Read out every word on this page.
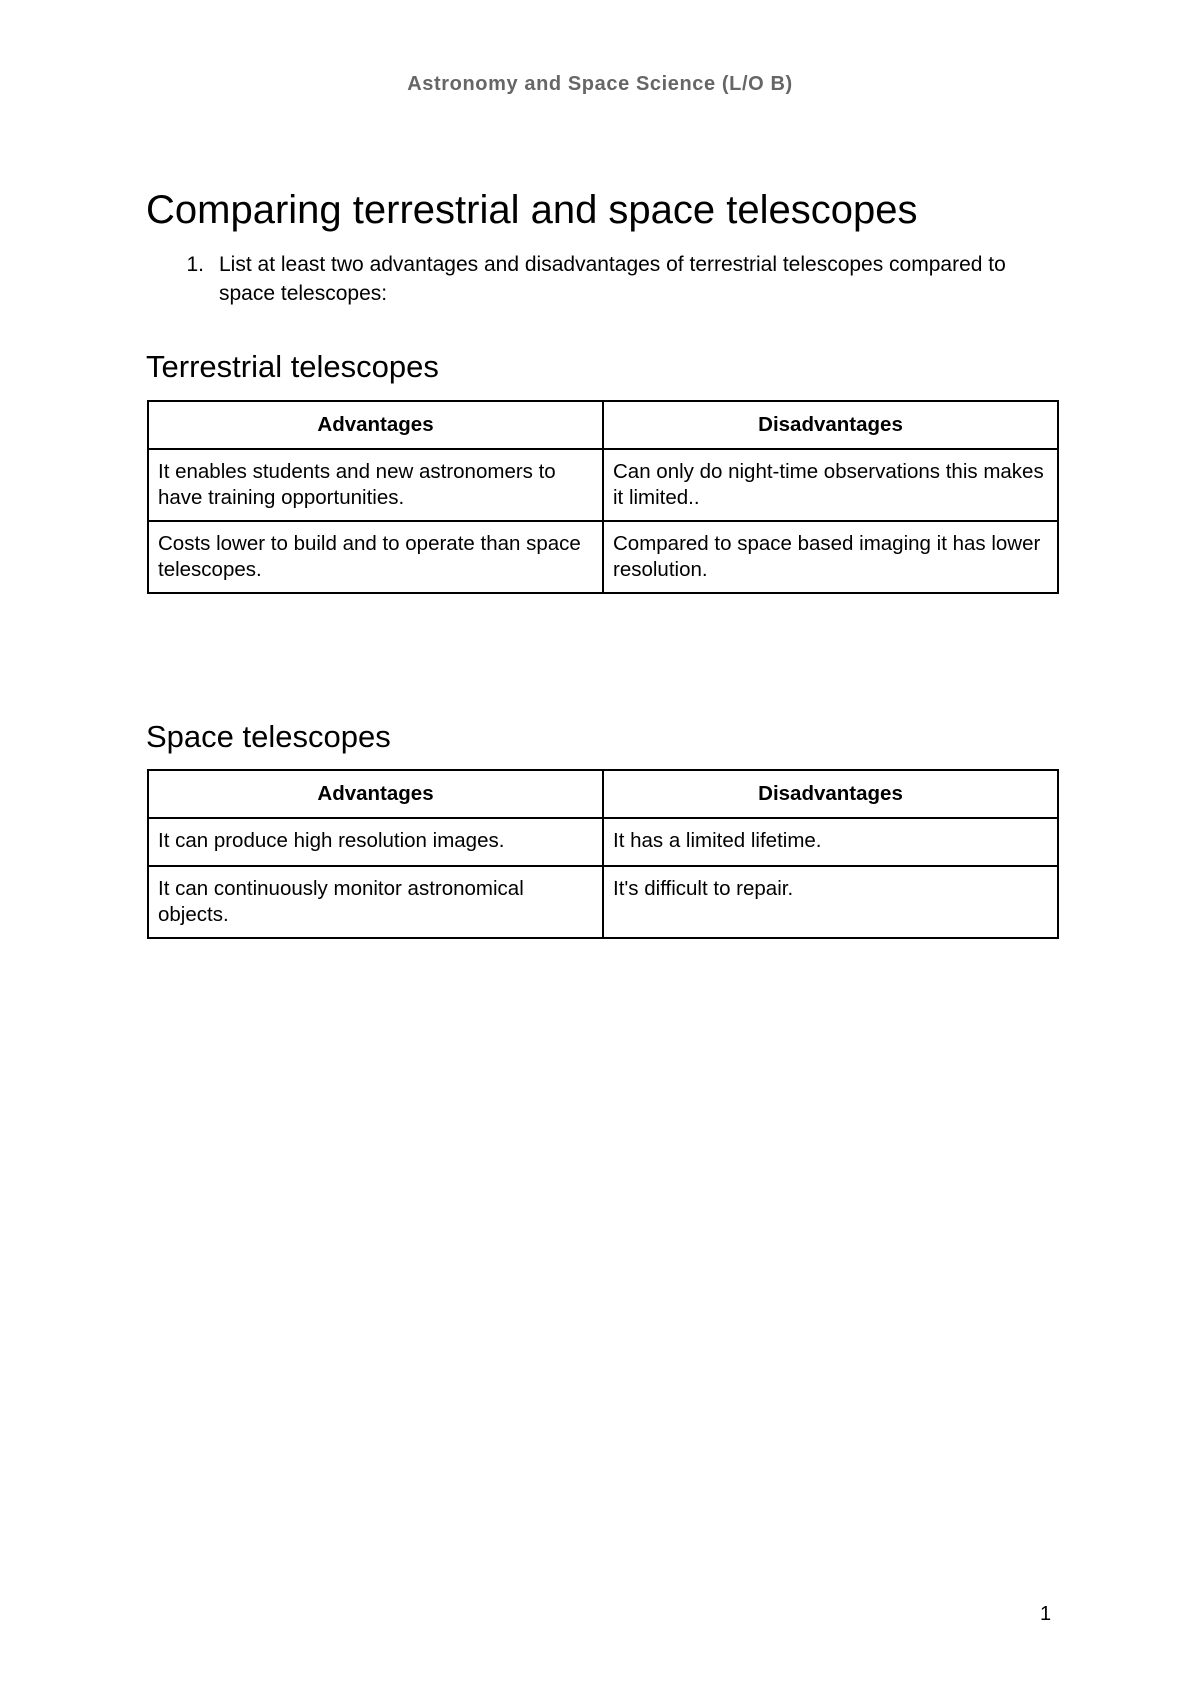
Astronomy and Space Science (L/O B)
Comparing terrestrial and space telescopes
1. List at least two advantages and disadvantages of terrestrial telescopes compared to space telescopes:
Terrestrial telescopes
Advantages	Disadvantages
It enables students and new astronomers to have training opportunities.	Can only do night-time observations this makes it limited..
Costs lower to build and to operate than space telescopes.	Compared to space based imaging it has lower resolution.
Space telescopes
Advantages	Disadvantages
It can produce high resolution images.	It has a limited lifetime.
It can continuously monitor astronomical objects.	It's difficult to repair.
1
